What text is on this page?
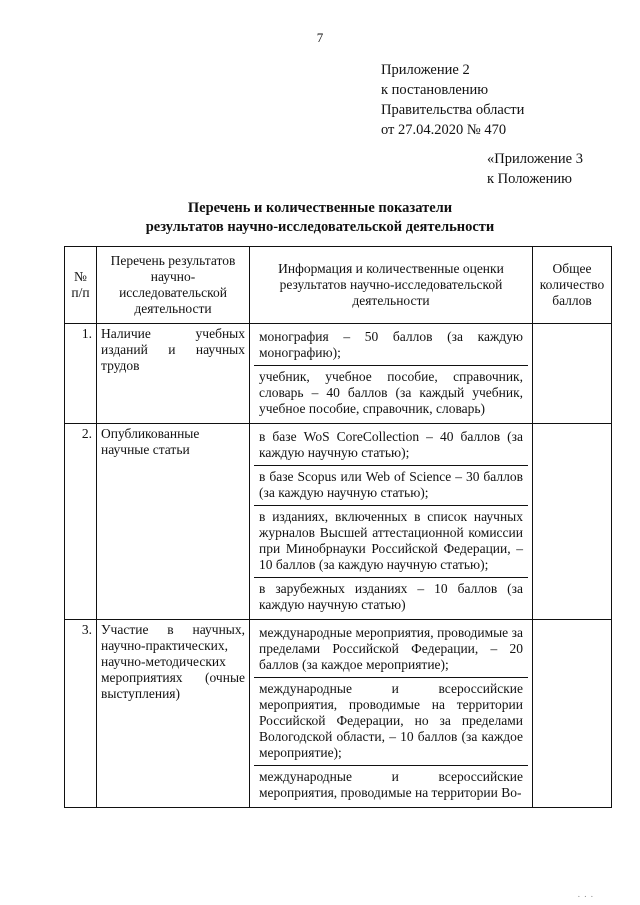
7
Приложение 2
к постановлению
Правительства области
от 27.04.2020 № 470
«Приложение 3
к Положению
Перечень и количественные показатели
результатов научно-исследовательской деятельности
№ п/п	Перечень результатов научно-исследовательской деятельности	Информация и количественные оценки результатов научно-исследовательской деятельности	Общее количество баллов
1.	Наличие учебных изданий и научных трудов	монография – 50 баллов (за каждую монографию);
учебник, учебное пособие, справочник, словарь – 40 баллов (за каждый учебник, учебное пособие, справочник, словарь)	

2.	Опубликованные научные статьи	в базе WoS CoreCollection – 40 баллов (за каждую научную статью);
в базе Scopus или Web of Science – 30 баллов (за каждую научную статью);
в изданиях, включенных в список научных журналов Высшей аттестационной комиссии при Минобрнауки Российской Федерации, – 10 баллов (за каждую научную статью);
в зарубежных изданиях – 10 баллов (за каждую научную статью)	

3.	Участие в научных, научно-практических, научно-методических мероприятиях (очные выступления)	международные мероприятия, проводимые за пределами Российской Федерации, – 20 баллов (за каждое мероприятие);
международные и всероссийские мероприятия, проводимые на территории Российской Федерации, но за пределами Вологодской области, – 10 баллов (за каждое мероприятие);
международные и всероссийские мероприятия, проводимые на территории Во-	

. . .
